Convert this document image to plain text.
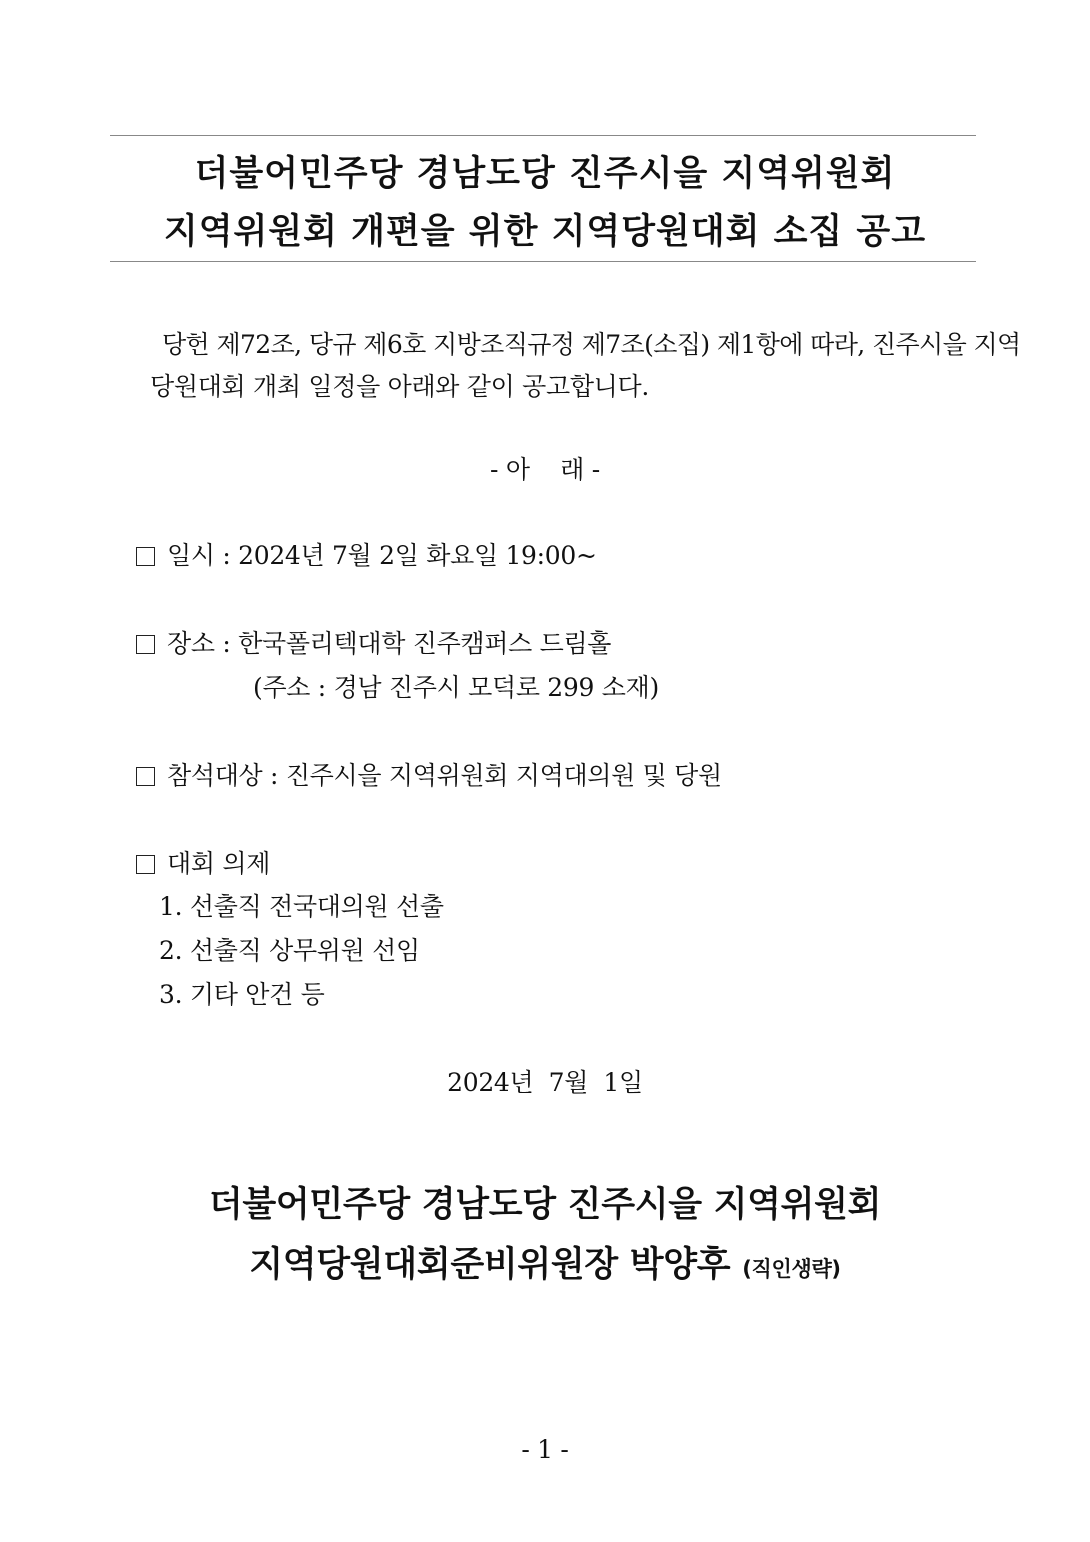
더불어민주당 경남도당 진주시을 지역위원회
지역위원회 개편을 위한 지역당원대회 소집 공고
당헌 제72조, 당규 제6호 지방조직규정 제7조(소집) 제1항에 따라, 진주시을 지역
당원대회 개최 일정을 아래와 같이 공고합니다.
- 아    래 -
일시 : 2024년 7월 2일 화요일 19:00~
장소 : 한국폴리텍대학 진주캠퍼스 드림홀
(주소 : 경남 진주시 모덕로 299 소재)
참석대상 : 진주시을 지역위원회 지역대의원 및 당원
대회 의제
1. 선출직 전국대의원 선출
2. 선출직 상무위원 선임
3. 기타 안건 등
2024년  7월  1일
더불어민주당 경남도당 진주시을 지역위원회
지역당원대회준비위원장 박양후 (직인생략)
- 1 -
